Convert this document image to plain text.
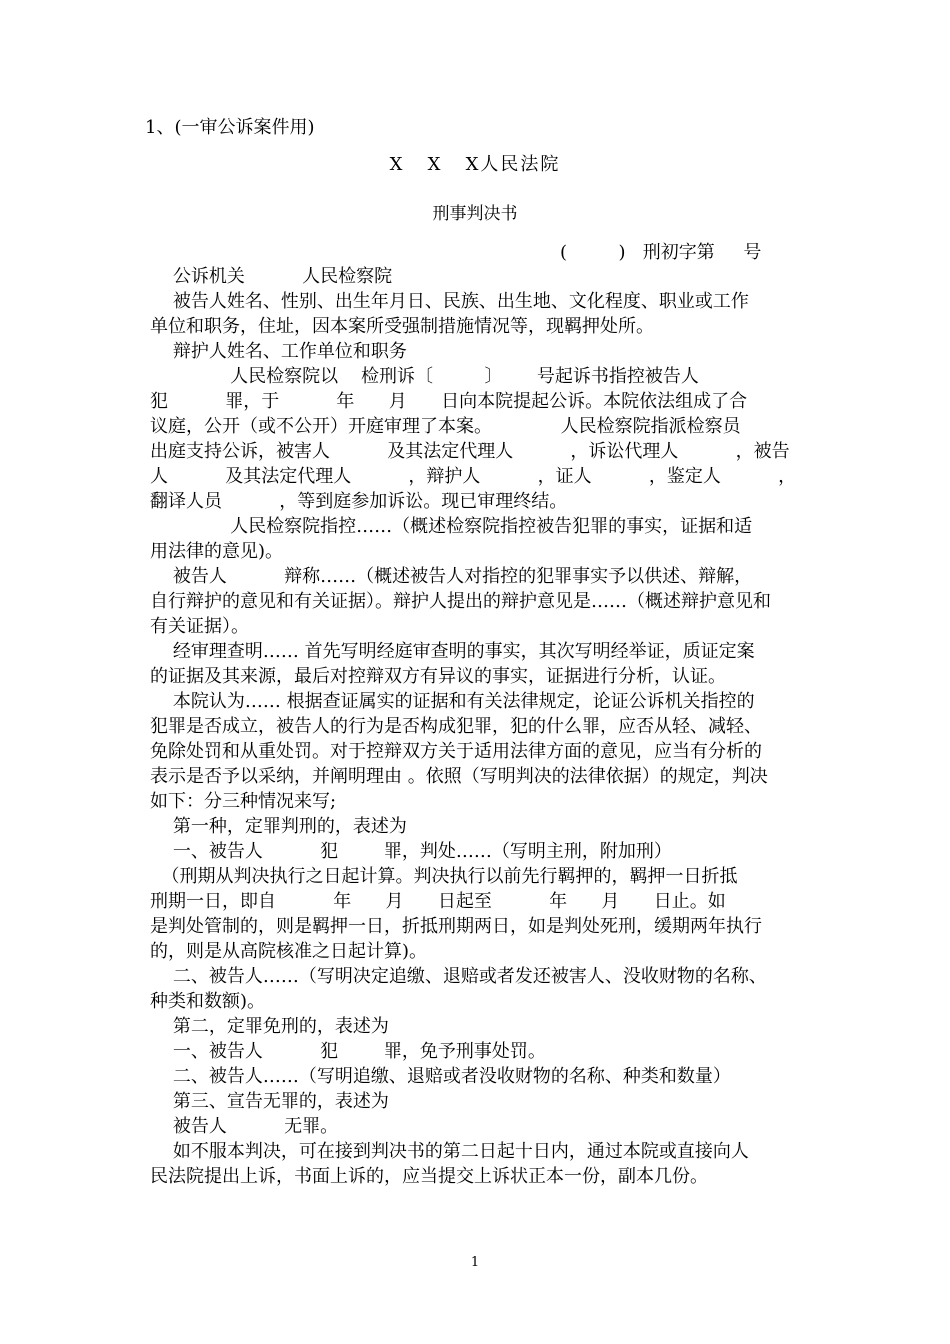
1、(一审公诉案件用)
X   X   X人民法院
刑事判决书
(         )   刑初字第     号
公诉机关          人民检察院
被告人姓名、性别、出生年月日、民族、出生地、文化程度、职业或工作
单位和职务，住址，因本案所受强制措施情况等，现羁押处所。
辩护人姓名、工作单位和职务
人民检察院以    检刑诉〔         〕      号起诉书指控被告人
犯          罪，于          年      月      日向本院提起公诉。本院依法组成了合
议庭，公开（或不公开）开庭审理了本案。            人民检察院指派检察员
出庭支持公诉，被害人          及其法定代理人          ，诉讼代理人          ，被告
人          及其法定代理人          ，辩护人          ，证人          ，鉴定人          ，
翻译人员          ，等到庭参加诉讼。现已审理终结。
人民检察院指控……（概述检察院指控被告犯罪的事实，证据和适
用法律的意见)。
被告人          辩称……（概述被告人对指控的犯罪事实予以供述、辩解，
自行辩护的意见和有关证据）。辩护人提出的辩护意见是……（概述辩护意见和
有关证据）。
经审理查明…… 首先写明经庭审查明的事实，其次写明经举证，质证定案
的证据及其来源，最后对控辩双方有异议的事实，证据进行分析，认证。
本院认为…… 根据查证属实的证据和有关法律规定，论证公诉机关指控的
犯罪是否成立，被告人的行为是否构成犯罪，犯的什么罪，应否从轻、减轻、
免除处罚和从重处罚。对于控辩双方关于适用法律方面的意见，应当有分析的
表示是否予以采纳，并阐明理由 。依照（写明判决的法律依据）的规定，判决
如下：分三种情况来写;
第一种，定罪判刑的，表述为
一、被告人          犯        罪，判处……（写明主刑，附加刑）
（刑期从判决执行之日起计算。判决执行以前先行羁押的，羁押一日折抵
刑期一日，即自          年      月      日起至          年      月      日止。如
是判处管制的，则是羁押一日，折抵刑期两日，如是判处死刑，缓期两年执行
的，则是从高院核准之日起计算)。
二、被告人……（写明决定追缴、退赔或者发还被害人、没收财物的名称、
种类和数额)。
第二，定罪免刑的，表述为
一、被告人          犯        罪，免予刑事处罚。
二、被告人……（写明追缴、退赔或者没收财物的名称、种类和数量）
第三、宣告无罪的，表述为
被告人          无罪。
如不服本判决，可在接到判决书的第二日起十日内，通过本院或直接向人
民法院提出上诉，书面上诉的，应当提交上诉状正本一份，副本几份。
1
